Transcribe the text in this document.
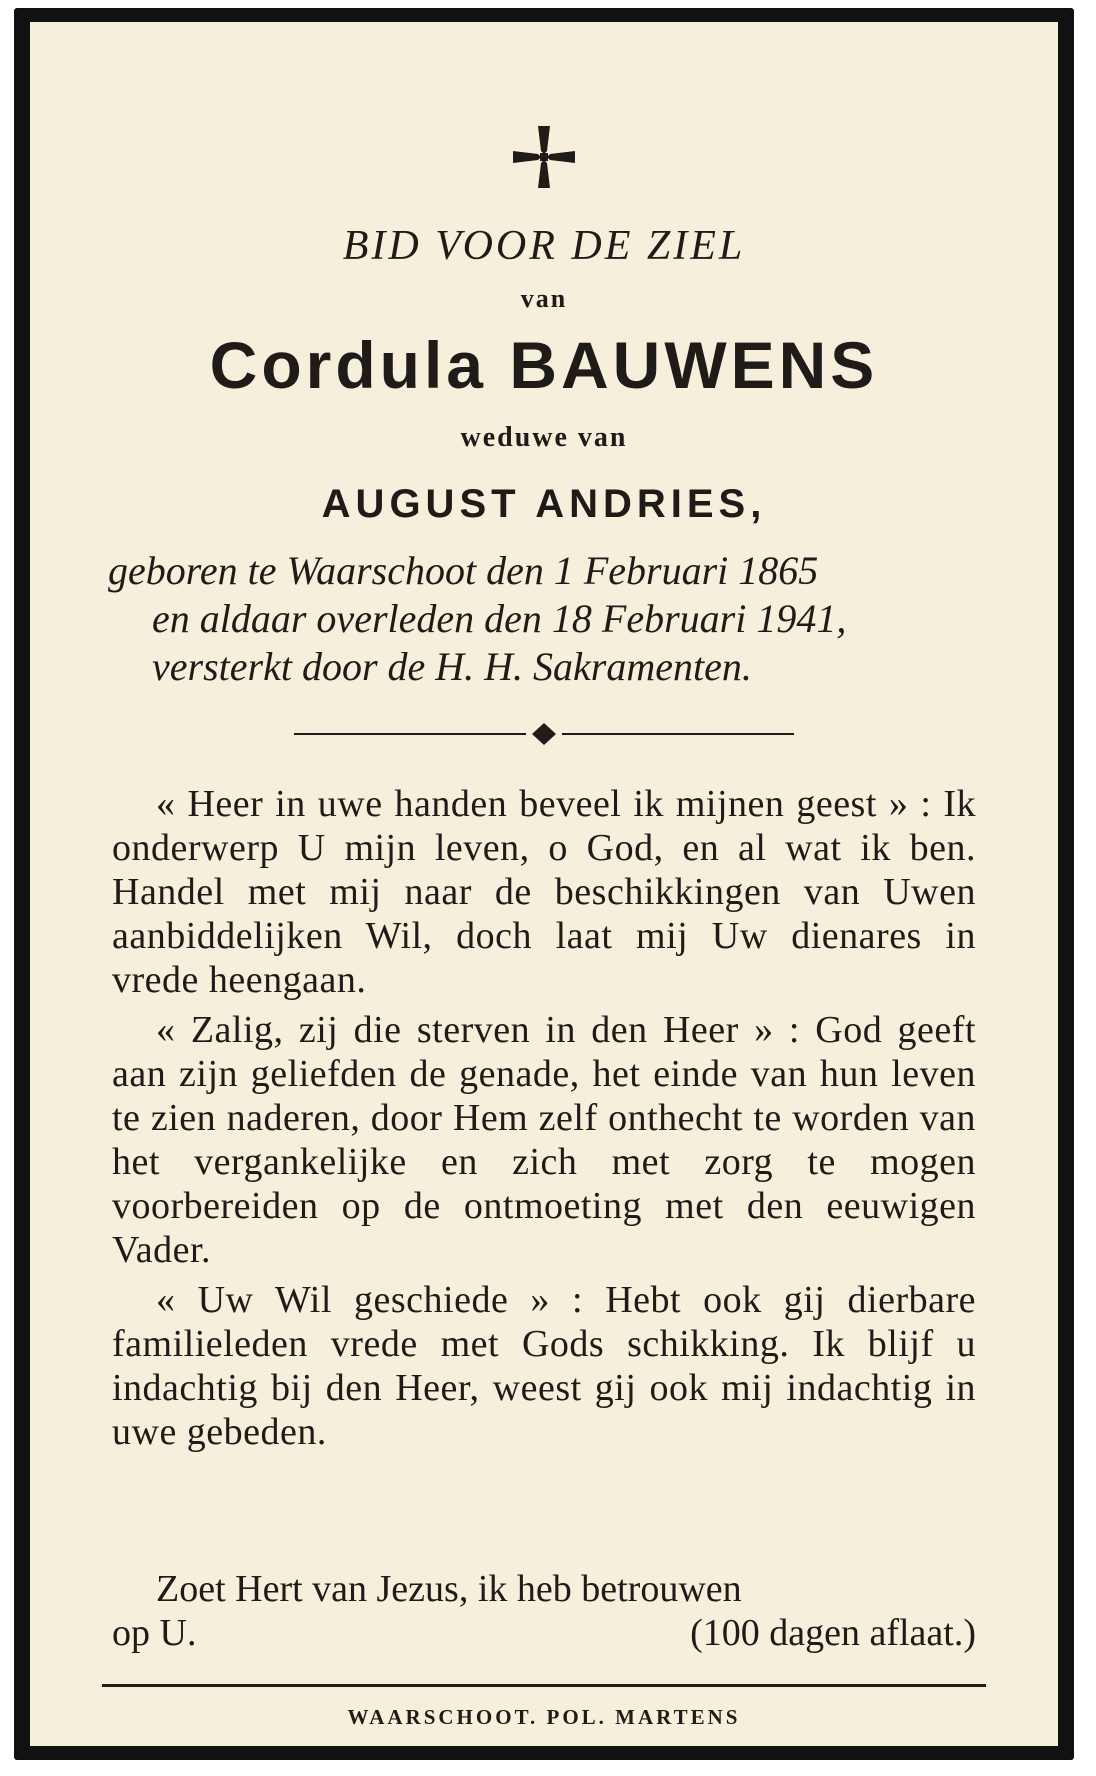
BID VOOR DE ZIEL
van
Cordula BAUWENS
weduwe van
AUGUST ANDRIES,
geboren te Waarschoot den 1 Februari 1865
en aldaar overleden den 18 Februari 1941,
versterkt door de H. H. Sakramenten.

« Heer in uwe handen beveel ik mijnen geest » : Ik onderwerp U mijn leven, o God, en al wat ik ben. Handel met mij naar de beschikkingen van Uwen aanbiddelijken Wil, doch laat mij Uw dienares in vrede heengaan.

« Zalig, zij die sterven in den Heer » : God geeft aan zijn geliefden de genade, het einde van hun leven te zien naderen, door Hem zelf onthecht te worden van het vergankelijke en zich met zorg te mogen voorbereiden op de ontmoeting met den eeuwigen Vader.

« Uw Wil geschiede » : Hebt ook gij dierbare familieleden vrede met Gods schikking. Ik blijf u indachtig bij den Heer, weest gij ook mij indachtig in uwe gebeden.

Zoet Hert van Jezus, ik heb betrouwen

op U.	(100 dagen aflaat.)

WAARSCHOOT. POL. MARTENS
